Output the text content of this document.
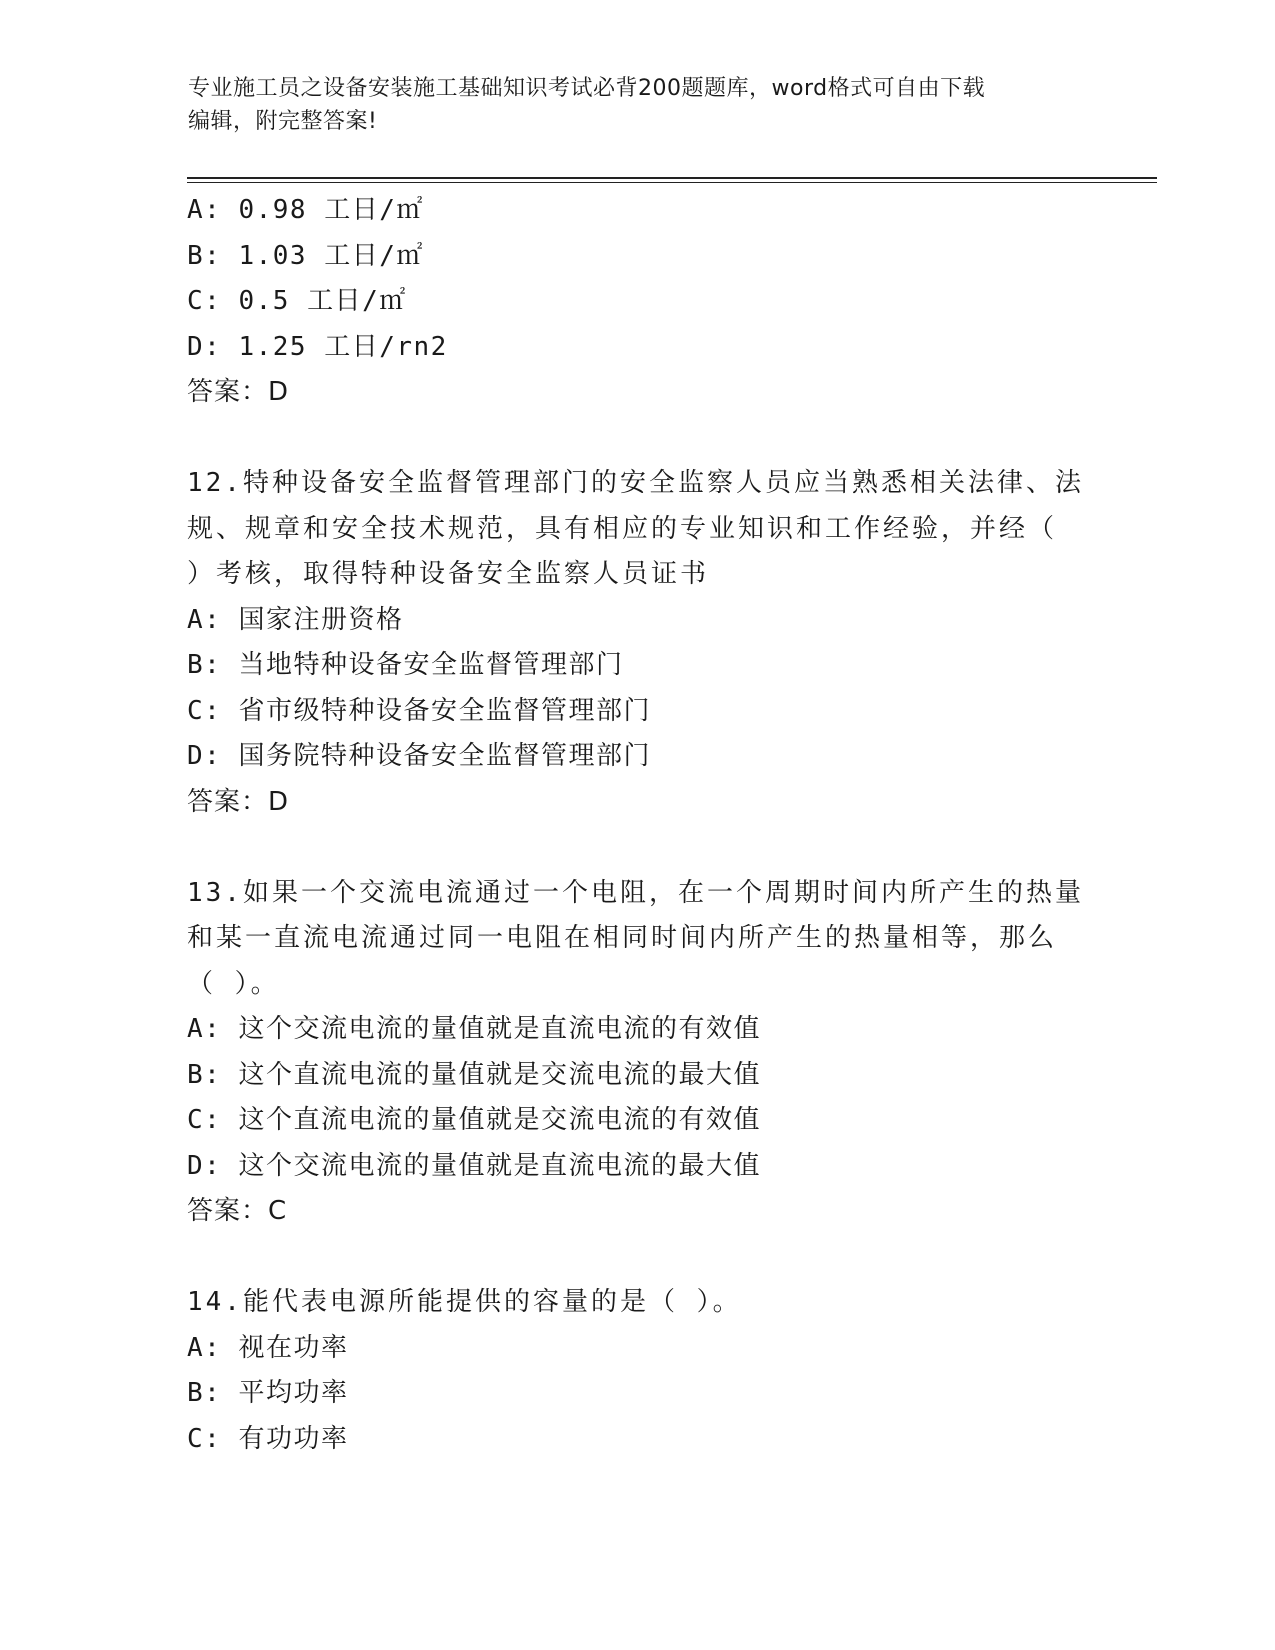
专业施工员之设备安装施工基础知识考试必背200题题库，word格式可自由下载
编辑，附完整答案!
A: 0.98 工日/㎡
B: 1.03 工日/㎡
C: 0.5 工日/㎡
D: 1.25 工日/rn2
答案：D
12.特种设备安全监督管理部门的安全监察人员应当熟悉相关法律、法
规、规章和安全技术规范，具有相应的专业知识和工作经验，并经（
）考核，取得特种设备安全监察人员证书
A: 国家注册资格
B: 当地特种设备安全监督管理部门
C: 省市级特种设备安全监督管理部门
D: 国务院特种设备安全监督管理部门
答案：D
13.如果一个交流电流通过一个电阻，在一个周期时间内所产生的热量
和某一直流电流通过同一电阻在相同时间内所产生的热量相等，那么
（ ）。
A: 这个交流电流的量值就是直流电流的有效值
B: 这个直流电流的量值就是交流电流的最大值
C: 这个直流电流的量值就是交流电流的有效值
D: 这个交流电流的量值就是直流电流的最大值
答案：C
14.能代表电源所能提供的容量的是（ ）。
A: 视在功率
B: 平均功率
C: 有功功率
